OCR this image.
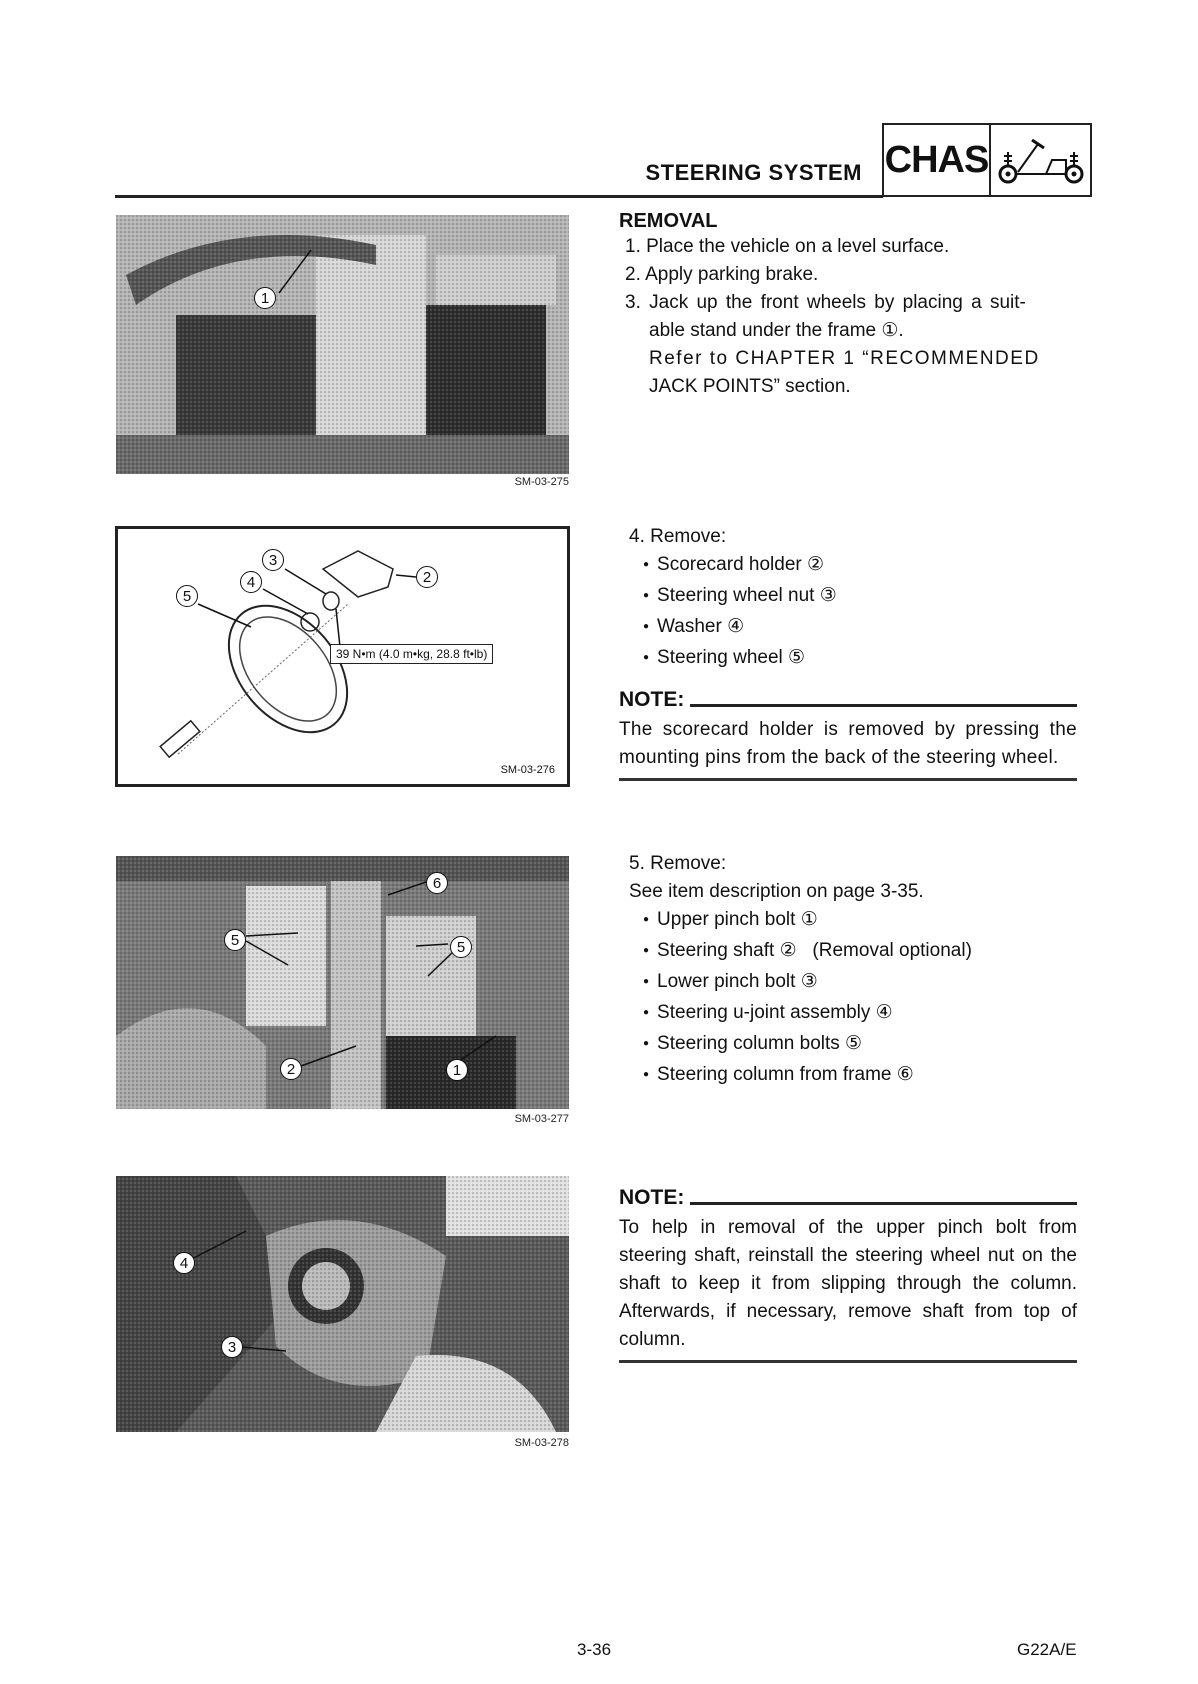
STEERING SYSTEM CHAS
1
SM-03-275
REMOVAL
1. Place the vehicle on a level surface.
2. Apply parking brake.
3. Jack up the front wheels by placing a suit-
able stand under the frame ①.
Refer to CHAPTER 1 “RECOMMENDED
JACK POINTS” section.
2
3
4
5
39 N•m (4.0 m•kg, 28.8 ft•lb)
SM-03-276
4. Remove:
● Scorecard holder ②
● Steering wheel nut ③
● Washer ④
● Steering wheel ⑤
NOTE:
The scorecard holder is removed by pressing the mounting pins from the back of the steering wheel.
6
5
5
2	1
SM-03-277
5. Remove:
See item description on page 3-35.
● Upper pinch bolt ①
● Steering shaft ②   (Removal optional)
● Lower pinch bolt ③
● Steering u-joint assembly ④
● Steering column bolts ⑤
● Steering column from frame ⑥
4
3
SM-03-278
NOTE:
To help in removal of the upper pinch bolt from steering shaft, reinstall the steering wheel nut on the shaft to keep it from slipping through the column. Afterwards, if necessary, remove shaft from top of column.
3-36	G22A/E
